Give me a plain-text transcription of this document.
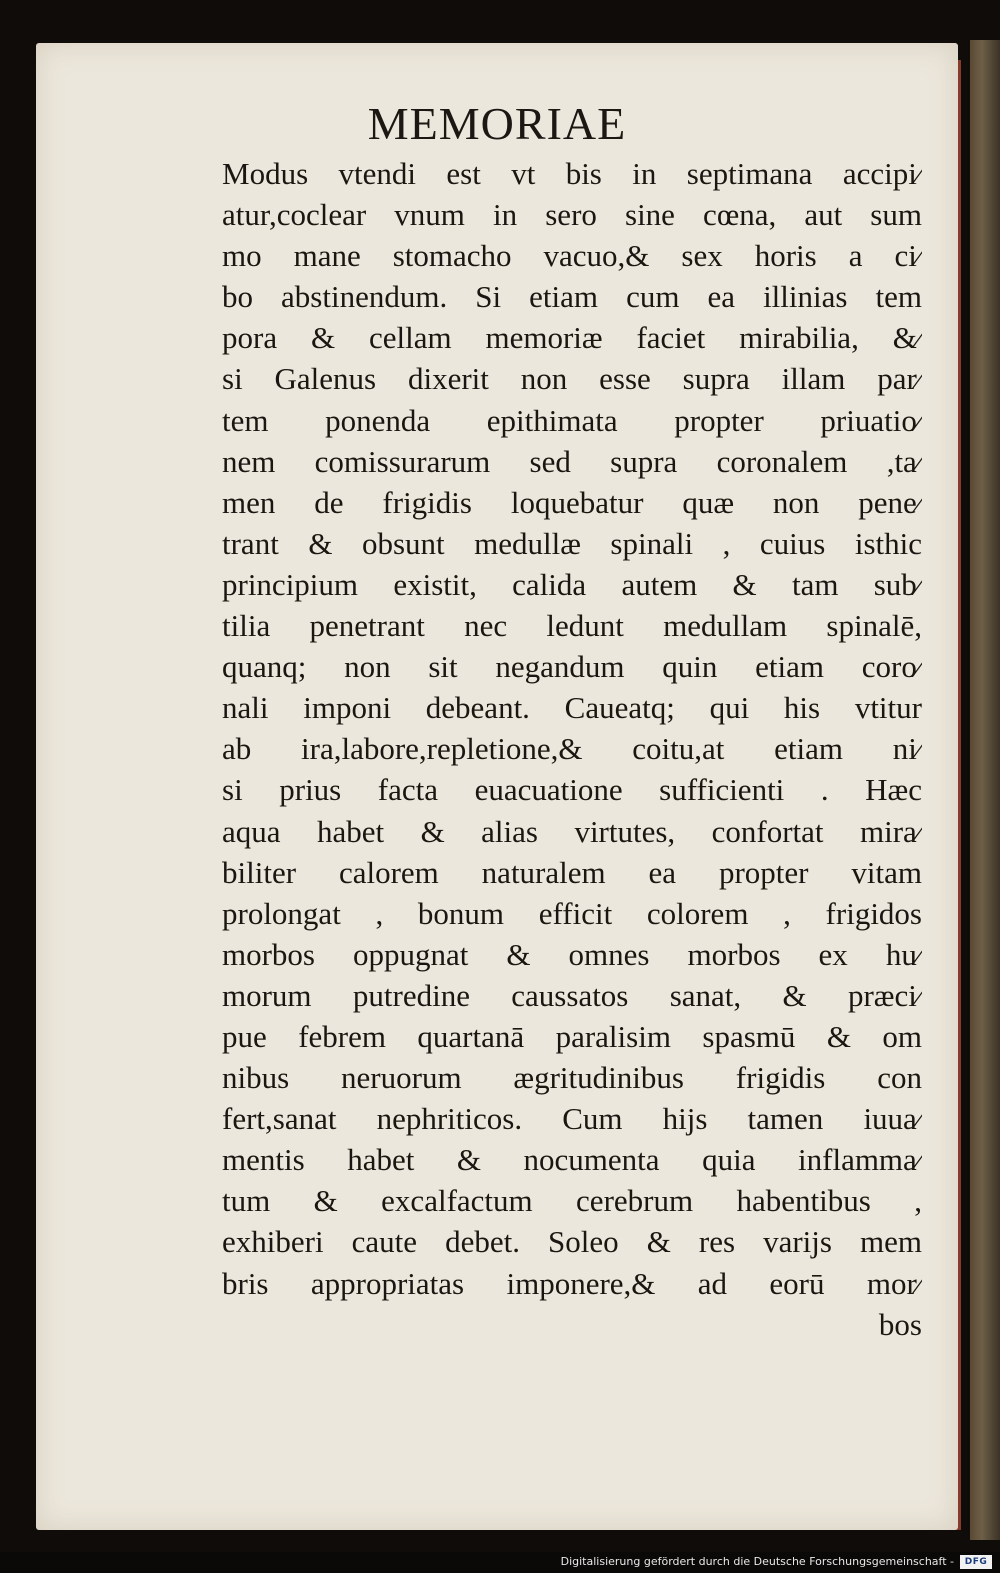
MEMORIAE
Modus vtendi est vt bis in septimana accipi⁄
atur,coclear vnum in sero sine cœna, aut sum
mo mane stomacho vacuo,& sex horis a ci⁄
bo abstinendum. Si etiam cum ea illinias tem
pora & cellam memoriæ faciet mirabilia, &⁄
si Galenus dixerit non esse supra illam par⁄
tem ponenda epithimata propter priuatio⁄
nem comissurarum sed supra coronalem ,ta⁄
men de frigidis loquebatur quæ non pene⁄
trant & obsunt medullæ spinali , cuius isthic
principium existit, calida autem & tam sub⁄
tilia penetrant nec ledunt medullam spinalē,
quanq; non sit negandum quin etiam coro⁄
nali imponi debeant. Caueatq; qui his vtitur
ab ira,labore,repletione,& coitu,at etiam ni⁄
si prius facta euacuatione sufficienti . Hæc
aqua habet & alias virtutes, confortat mira⁄
biliter calorem naturalem ea propter vitam
prolongat , bonum efficit colorem , frigidos
morbos oppugnat & omnes morbos ex hu⁄
morum putredine caussatos sanat, & præci⁄
pue febrem quartanā paralisim spasmū & om
nibus neruorum ægritudinibus frigidis con
fert,sanat nephriticos. Cum hijs tamen iuua⁄
mentis habet & nocumenta quia inflamma⁄
tum & excalfactum cerebrum habentibus ,
exhiberi caute debet. Soleo & res varijs mem
bris appropriatas imponere,& ad eorū mor⁄
bos
Digitalisierung gefördert durch die Deutsche Forschungsgemeinschaft -	DFG
